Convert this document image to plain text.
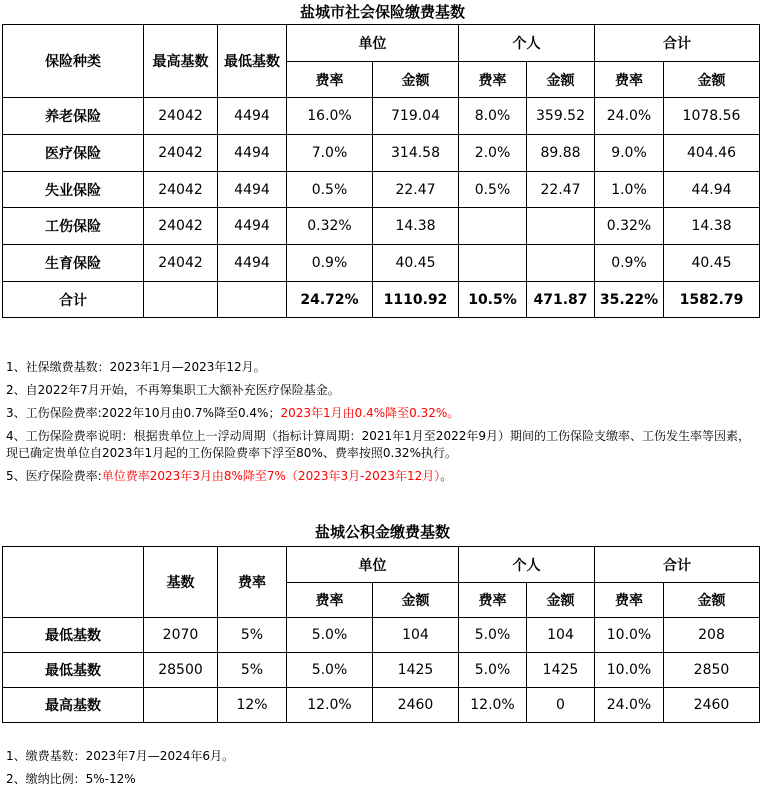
盐城市社会保险缴费基数
保险种类	最高基数	最低基数	单位		个人		合计	
			费率	金额	费率	金额	费率	金额
养老保险	24042	4494	16.0%	719.04	8.0%	359.52	24.0%	1078.56
医疗保险	24042	4494	7.0%	314.58	2.0%	89.88	9.0%	404.46
失业保险	24042	4494	0.5%	22.47	0.5%	22.47	1.0%	44.94
工伤保险	24042	4494	0.32%	14.38			0.32%	14.38
生育保险	24042	4494	0.9%	40.45			0.9%	40.45
合计			24.72%	1110.92	10.5%	471.87	35.22%	1582.79

1、社保缴费基数：2023年1月—2023年12月。

2、自2022年7月开始，不再筹集职工大额补充医疗保险基金。

3、工伤保险费率:2022年10月由0.7%降至0.4%；2023年1月由0.4%降至0.32%。

4、工伤保险费率说明：根据贵单位上一浮动周期（指标计算周期：2021年1月至2022年9月）期间的工伤保险支缴率、工伤发生率等因素，现已确定贵单位自2023年1月起的工伤保险费率下浮至80%、费率按照0.32%执行。

5、医疗保险费率:单位费率2023年3月由8%降至7%（2023年3月-2023年12月）。

盐城公积金缴费基数
	基数	费率	单位		个人		合计	
			费率	金额	费率	金额	费率	金额
最低基数	2070	5%	5.0%	104	5.0%	104	10.0%	208
最低基数	28500	5%	5.0%	1425	5.0%	1425	10.0%	2850
最高基数		12%	12.0%	2460	12.0%	0	24.0%	2460

1、缴费基数：2023年7月—2024年6月。

2、缴纳比例：5%-12%
